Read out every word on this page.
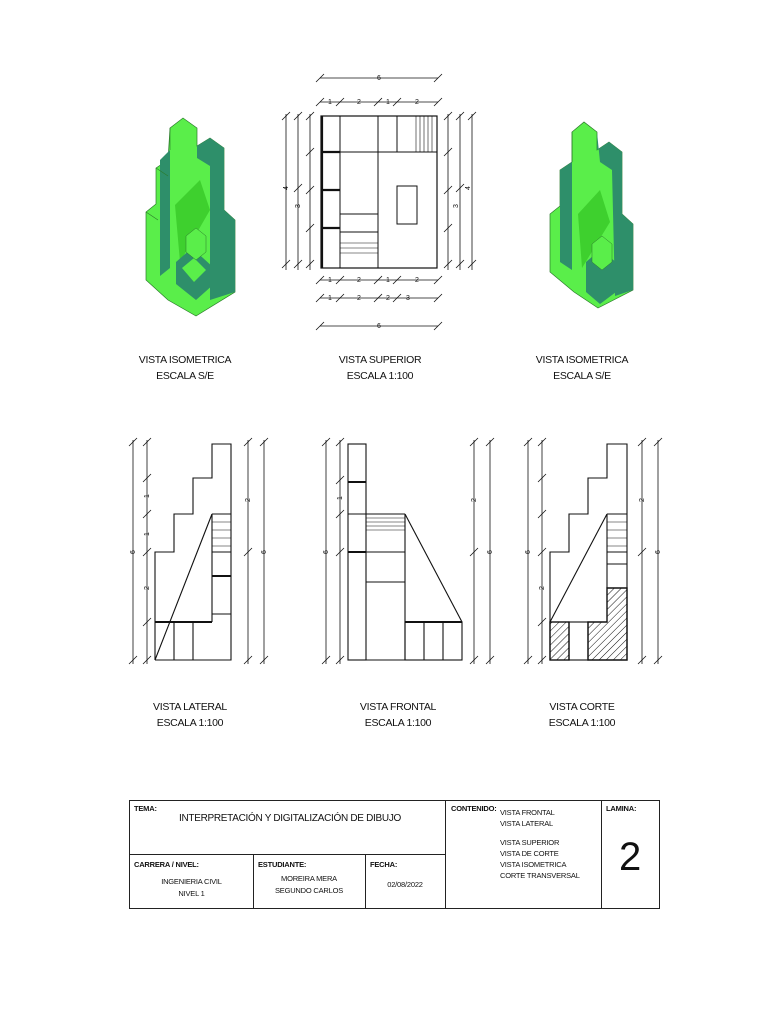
6
1	2	1	2
1	2	1	2
1	2	2 3
6
4
3
4
3
6
2
1
1
6
2
6
1
6
2
6
2
6
2
VISTA ISOMETRICA
ESCALA S/E
VISTA SUPERIOR
ESCALA 1:100
VISTA ISOMETRICA
ESCALA S/E
VISTA LATERAL
ESCALA 1:100
VISTA FRONTAL
ESCALA 1:100
VISTA CORTE
ESCALA 1:100
TEMA:
INTERPRETACIÓN Y DIGITALIZACIÓN DE DIBUJO
CONTENIDO: VISTA FRONTAL
VISTA LATERAL
VISTA SUPERIOR
VISTA DE CORTE
VISTA ISOMETRICA
CORTE TRANSVERSAL
LAMINA:
2
CARRERA / NIVEL:
INGENIERIA CIVIL
NIVEL 1
ESTUDIANTE:
MOREIRA MERA
SEGUNDO CARLOS
FECHA:
02/08/2022
